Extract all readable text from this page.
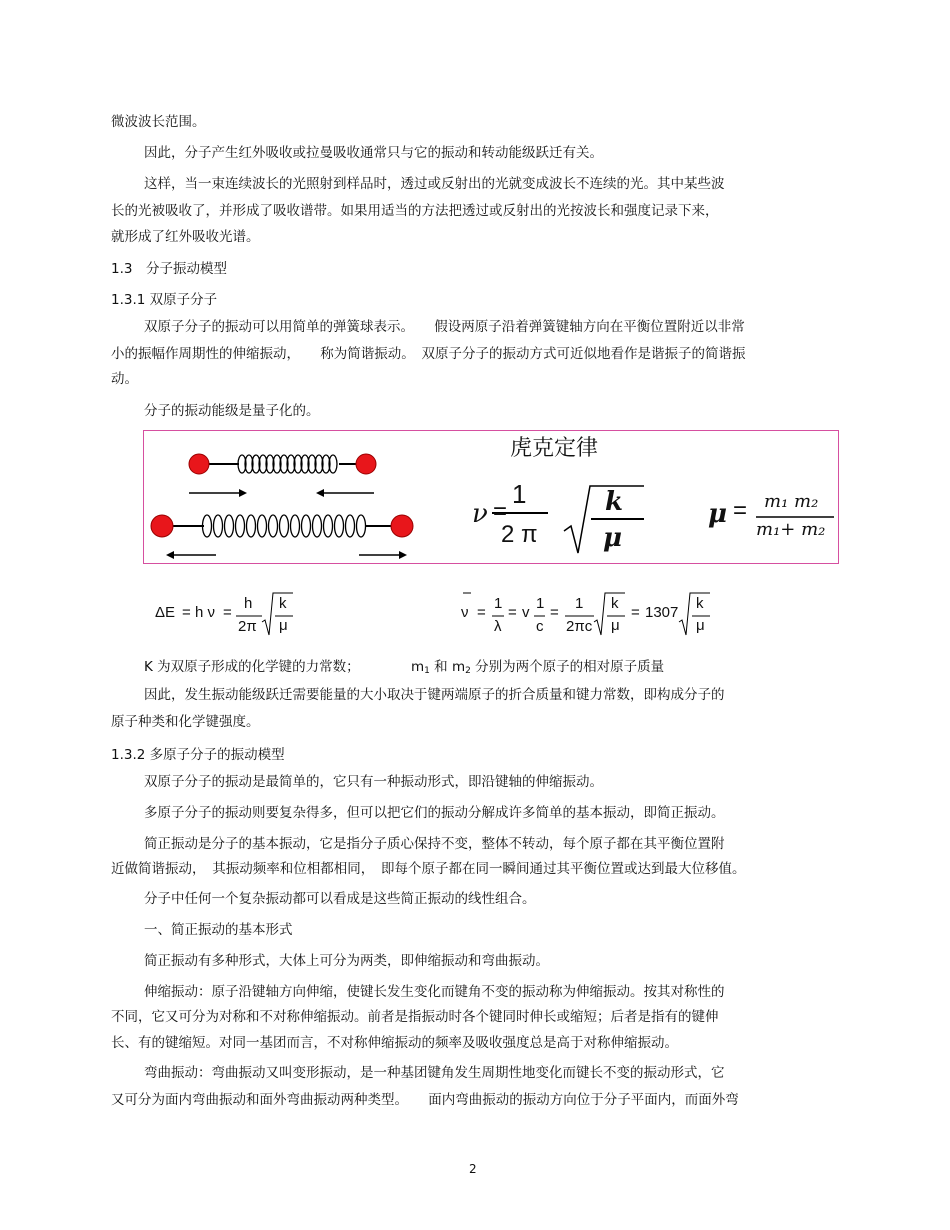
微波波长范围。
因此，分子产生红外吸收或拉曼吸收通常只与它的振动和转动能级跃迁有关。
这样，当一束连续波长的光照射到样品时，透过或反射出的光就变成波长不连续的光。其中某些波
长的光被吸收了，并形成了吸收谱带。如果用适当的方法把透过或反射出的光按波长和强度记录下来，
就形成了红外吸收光谱。
1.3　分子振动模型
1.3.1 双原子分子
双原子分子的振动可以用简单的弹簧球表示。　　假设两原子沿着弹簧键轴方向在平衡位置附近以非常
小的振幅作周期性的伸缩振动，　　称为简谐振动。　双原子分子的振动方式可近似地看作是谐振子的简谐振
动。
分子的振动能级是量子化的。
虎克定律
ν =
1
2 π
k
μ
μ = m₁ m₂
m₁+ m₂
ΔE = h ν =
h
2π
k
μ
ν =
1
λ
= v
1
c
=
1
2πc
k
μ
= 1307
k
μ
K 为双原子形成的化学键的力常数；	$m_1$ 和 $m_2$ 分别为两个原子的相对原子质量
因此，发生振动能级跃迁需要能量的大小取决于键两端原子的折合质量和键力常数，即构成分子的
原子种类和化学键强度。
1.3.2 多原子分子的振动模型
双原子分子的振动是最简单的，它只有一种振动形式，即沿键轴的伸缩振动。
多原子分子的振动则要复杂得多，但可以把它们的振动分解成许多简单的基本振动，即简正振动。
简正振动是分子的基本振动，它是指分子质心保持不变，整体不转动，每个原子都在其平衡位置附
近做简谐振动，　其振动频率和位相都相同，　即每个原子都在同一瞬间通过其平衡位置或达到最大位移值。
分子中任何一个复杂振动都可以看成是这些简正振动的线性组合。
一、简正振动的基本形式
简正振动有多种形式，大体上可分为两类，即伸缩振动和弯曲振动。
伸缩振动：原子沿键轴方向伸缩，使键长发生变化而键角不变的振动称为伸缩振动。按其对称性的
不同，它又可分为对称和不对称伸缩振动。前者是指振动时各个键同时伸长或缩短；后者是指有的键伸
长、有的键缩短。对同一基团而言，不对称伸缩振动的频率及吸收强度总是高于对称伸缩振动。
弯曲振动：弯曲振动又叫变形振动，是一种基团键角发生周期性地变化而键长不变的振动形式，它
又可分为面内弯曲振动和面外弯曲振动两种类型。　　面内弯曲振动的振动方向位于分子平面内，而面外弯
2
